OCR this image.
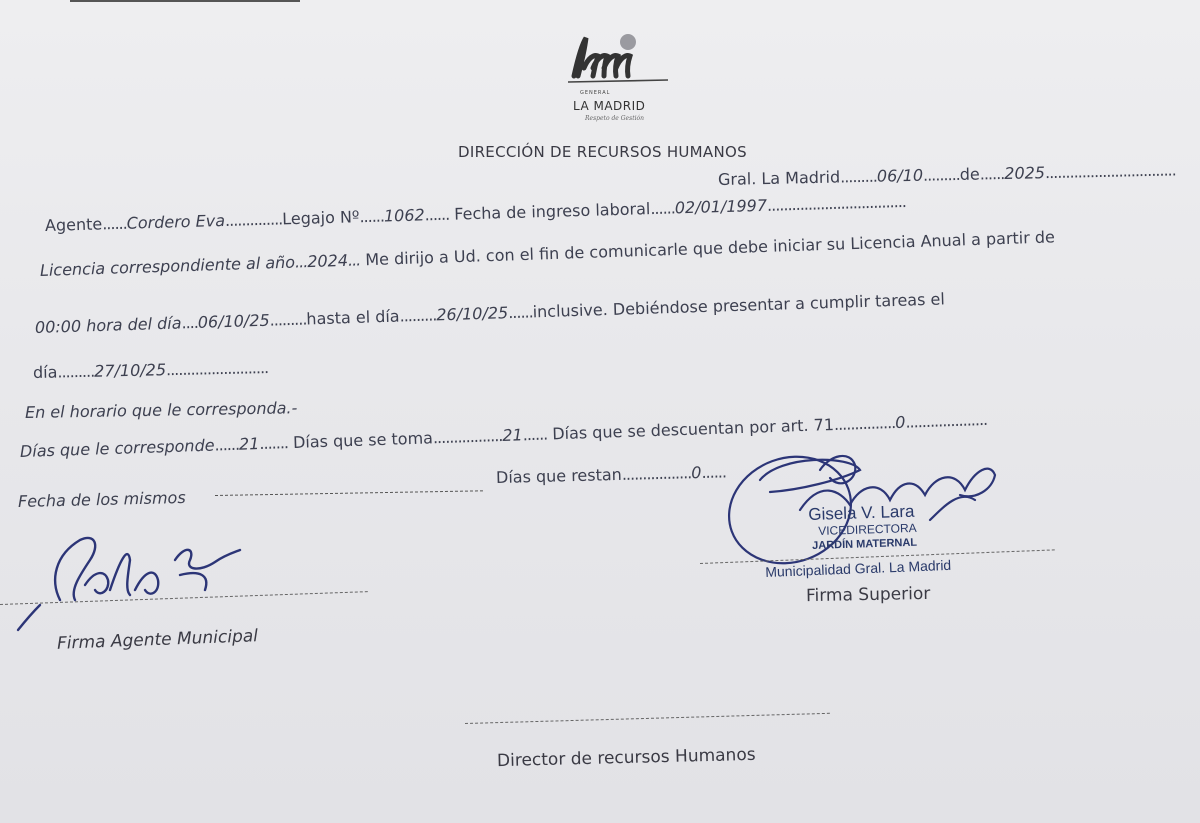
GENERAL
LA MADRID
Respeto de Gestión
DIRECCIÓN DE RECURSOS HUMANOS
Gral. La Madrid.........06/10.........de......2025................................
Agente......Cordero Eva..............Legajo Nº......1062...... Fecha de ingreso laboral......02/01/1997..................................
Licencia correspondiente al año...2024... Me dirijo a Ud. con el fin de comunicarle que debe iniciar su Licencia Anual a partir de
00:00 hora del día....06/10/25.........hasta el día.........26/10/25......inclusive. Debiéndose presentar a cumplir tareas el
día.........27/10/25.........................
En el horario que le corresponda.-
Días que le corresponde......21....... Días que se toma.................21...... Días que se descuentan por art. 71...............0....................
Fecha de los mismos
Días que restan.................0......
Gisela V. Lara
VICEDIRECTORA
JARDÍN MATERNAL
Municipalidad Gral. La Madrid
Firma Superior
Firma Agente Municipal
Director de recursos Humanos
